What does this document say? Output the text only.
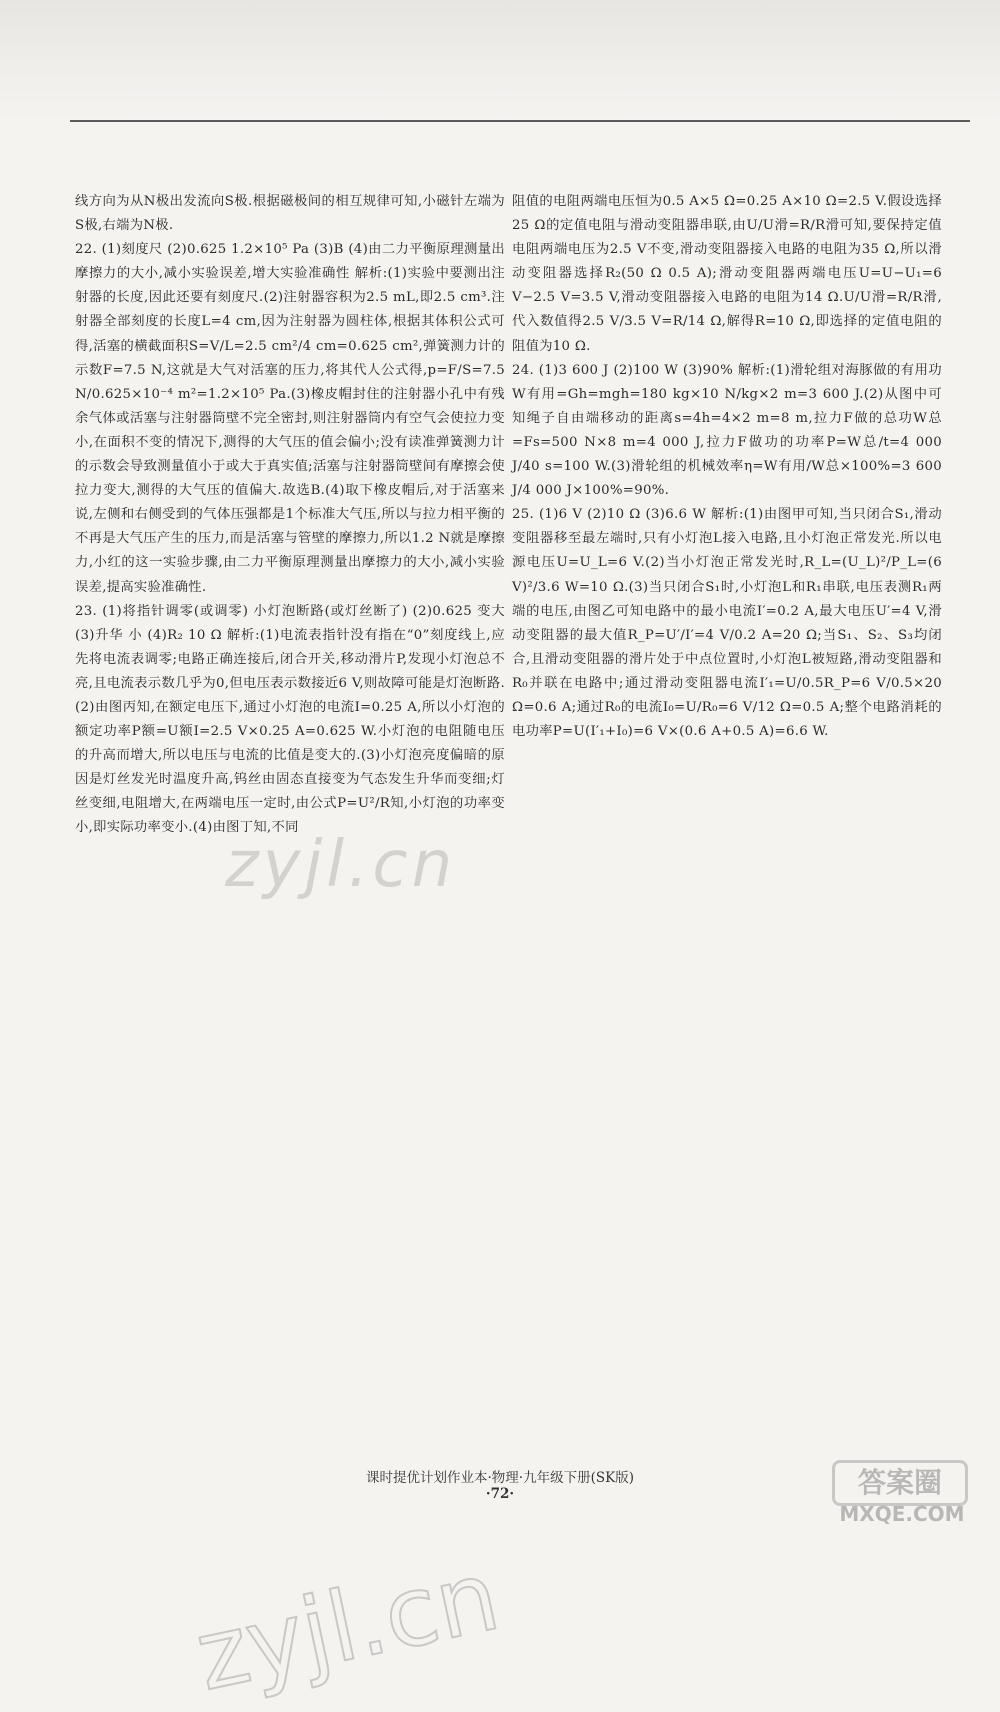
线方向为从N极出发流向S极.根据磁极间的相互规律可知,小磁针左端为S极,右端为N极.

22. (1)刻度尺 (2)0.625 1.2×10⁵ Pa (3)B (4)由二力平衡原理测量出摩擦力的大小,减小实验误差,增大实验准确性 解析:(1)实验中要测出注射器的长度,因此还要有刻度尺.(2)注射器容积为2.5 mL,即2.5 cm³.注射器全部刻度的长度L=4 cm,因为注射器为圆柱体,根据其体积公式可得,活塞的横截面积S=V/L=2.5 cm²/4 cm=0.625 cm²,弹簧测力计的示数F=7.5 N,这就是大气对活塞的压力,将其代人公式得,p=F/S=7.5 N/0.625×10⁻⁴ m²=1.2×10⁵ Pa.(3)橡皮帽封住的注射器小孔中有残余气体或活塞与注射器筒壁不完全密封,则注射器筒内有空气会使拉力变小,在面积不变的情况下,测得的大气压的值会偏小;没有读准弹簧测力计的示数会导致测量值小于或大于真实值;活塞与注射器筒壁间有摩擦会使拉力变大,测得的大气压的值偏大.故选B.(4)取下橡皮帽后,对于活塞来说,左侧和右侧受到的气体压强都是1个标准大气压,所以与拉力相平衡的不再是大气压产生的压力,而是活塞与管壁的摩擦力,所以1.2 N就是摩擦力,小红的这一实验步骤,由二力平衡原理测量出摩擦力的大小,减小实验误差,提高实验准确性.

23. (1)将指针调零(或调零) 小灯泡断路(或灯丝断了) (2)0.625 变大 (3)升华 小 (4)R₂ 10 Ω 解析:(1)电流表指针没有指在“0”刻度线上,应先将电流表调零;电路正确连接后,闭合开关,移动滑片P,发现小灯泡总不亮,且电流表示数几乎为0,但电压表示数接近6 V,则故障可能是灯泡断路.(2)由图丙知,在额定电压下,通过小灯泡的电流I=0.25 A,所以小灯泡的额定功率P额=U额I=2.5 V×0.25 A=0.625 W.小灯泡的电阻随电压的升高而增大,所以电压与电流的比值是变大的.(3)小灯泡亮度偏暗的原因是灯丝发光时温度升高,钨丝由固态直接变为气态发生升华而变细;灯丝变细,电阻增大,在两端电压一定时,由公式P=U²/R知,小灯泡的功率变小,即实际功率变小.(4)由图丁知,不同

阻值的电阻两端电压恒为0.5 A×5 Ω=0.25 A×10 Ω=2.5 V.假设选择25 Ω的定值电阻与滑动变阻器串联,由U/U滑=R/R滑可知,要保持定值电阻两端电压为2.5 V不变,滑动变阻器接入电路的电阻为35 Ω,所以滑动变阻器选择R₂(50 Ω 0.5 A);滑动变阻器两端电压U=U−U₁=6 V−2.5 V=3.5 V,滑动变阻器接入电路的电阻为14 Ω.U/U滑=R/R滑,代入数值得2.5 V/3.5 V=R/14 Ω,解得R=10 Ω,即选择的定值电阻的阻值为10 Ω.

24. (1)3 600 J (2)100 W (3)90% 解析:(1)滑轮组对海豚做的有用功W有用=Gh=mgh=180 kg×10 N/kg×2 m=3 600 J.(2)从图中可知绳子自由端移动的距离s=4h=4×2 m=8 m,拉力F做的总功W总=Fs=500 N×8 m=4 000 J,拉力F做功的功率P=W总/t=4 000 J/40 s=100 W.(3)滑轮组的机械效率η=W有用/W总×100%=3 600 J/4 000 J×100%=90%.

25. (1)6 V (2)10 Ω (3)6.6 W 解析:(1)由图甲可知,当只闭合S₁,滑动变阻器移至最左端时,只有小灯泡L接入电路,且小灯泡正常发光.所以电源电压U=U_L=6 V.(2)当小灯泡正常发光时,R_L=(U_L)²/P_L=(6 V)²/3.6 W=10 Ω.(3)当只闭合S₁时,小灯泡L和R₁串联,电压表测R₁两端的电压,由图乙可知电路中的最小电流I′=0.2 A,最大电压U′=4 V,滑动变阻器的最大值R_P=U′/I′=4 V/0.2 A=20 Ω;当S₁、S₂、S₃均闭合,且滑动变阻器的滑片处于中点位置时,小灯泡L被短路,滑动变阻器和R₀并联在电路中;通过滑动变阻器电流I′₁=U/0.5R_P=6 V/0.5×20 Ω=0.6 A;通过R₀的电流I₀=U/R₀=6 V/12 Ω=0.5 A;整个电路消耗的电功率P=U(I′₁+I₀)=6 V×(0.6 A+0.5 A)=6.6 W.

zyjl.cn
zyjl.cn
课时提优计划作业本·物理·九年级下册(SK版)
·72·	答案圈
MXQE.COM
